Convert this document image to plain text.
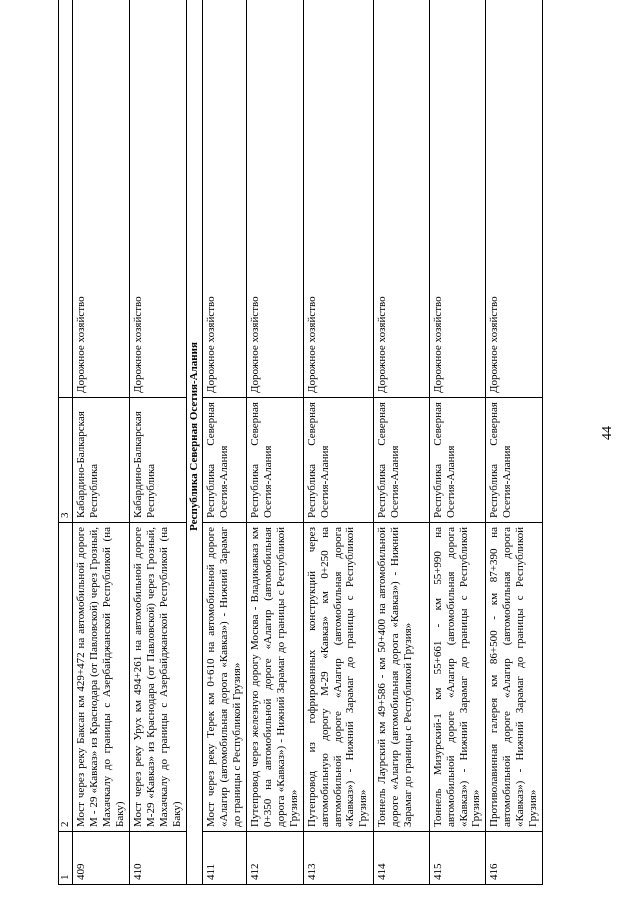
44
1	2	3	
409	Мост через реку Баксан км 429+472 на автомобильной дороге М - 29 «Кавказ» из Краснодара (от Павловской) через Грозный, Махачкалу до границы с Азербайджанской Республикой (на Баку)	Кабардино-Балкарская Республика	Дорожное хозяйство
410	Мост через реку Урух км 494+261 на автомобильной дороге М-29 «Кавказ» из Краснодара (от Павловской) через Грозный, Махачкалу до границы с Азербайджанской Республикой (на Баку)	Кабардино-Балкарская Республика	Дорожное хозяйство
Республика Северная Осетия-Алания			
411	Мост через реку Терек км 0+610 на автомобильной дороге «Алагир (автомобильная дорога «Кавказ») - Нижний Зарамаг до границы с Республикой Грузия»	Республика Северная Осетия-Алания	Дорожное хозяйство
412	Путепровод через железную дорогу Москва - Владикавказ км 0+350 на автомобильной дороге «Алагир (автомобильная дорога «Кавказ») - Нижний Зарамаг до границы с Республикой Грузия»	Республика Северная Осетия-Алания	Дорожное хозяйство
413	Путепровод из гофрированных конструкций через автомобильную дорогу М-29 «Кавказ» км 0+250 на автомобильной дороге «Алагир (автомобильная дорога «Кавказ») - Нижний Зарамаг до границы с Республикой Грузия»	Республика Северная Осетия-Алания	Дорожное хозяйство
414	Тоннель Лаурский км 49+586 - км 50+400 на автомобильной дороге «Алагир (автомобильная дорога «Кавказ») - Нижний Зарамаг до границы с Республикой Грузия»	Республика Северная Осетия-Алания	Дорожное хозяйство
415	Тоннель Мизурский-1 км 55+661 - км 55+990 на автомобильной дороге «Алагир (автомобильная дорога «Кавказ») - Нижний Зарамаг до границы с Республикой Грузия»	Республика Северная Осетия-Алания	Дорожное хозяйство
416	Противолавинная галерея км 86+500 - км 87+390 на автомобильной дороге «Алагир (автомобильная дорога «Кавказ») - Нижний Зарамаг до границы с Республикой Грузия»	Республика Северная Осетия-Алания	Дорожное хозяйство
